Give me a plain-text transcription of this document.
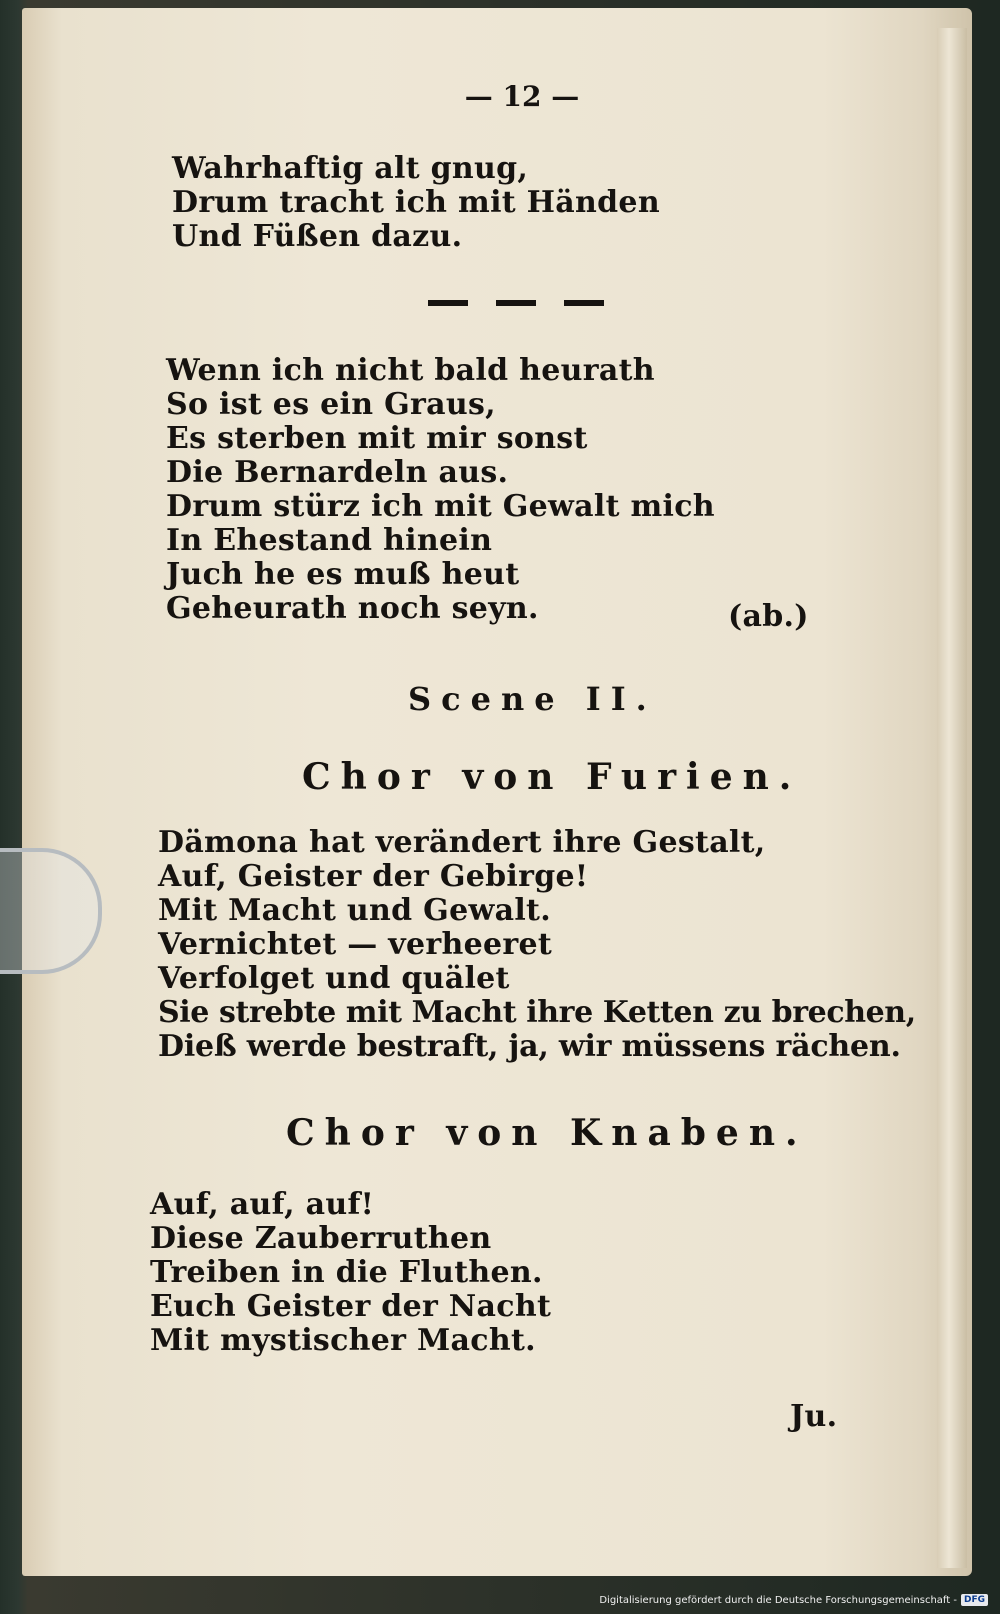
— 12 —
Wahrhaftig alt gnug,
Drum tracht ich mit Händen
Und Füßen dazu.
Wenn ich nicht bald heurath
So ist es ein Graus,
Es sterben mit mir sonst
Die Bernardeln aus.
Drum stürz ich mit Gewalt mich
In Ehestand hinein
Juch he es muß heut
Geheurath noch seyn.	(ab.)
Scene II.
Chor von Furien.
Dämona hat verändert ihre Gestalt,
Auf, Geister der Gebirge!
Mit Macht und Gewalt.
Vernichtet — verheeret
Verfolget und quälet
Sie strebte mit Macht ihre Ketten zu brechen,
Dieß werde bestraft, ja, wir müssens rächen.
Chor von Knaben.
Auf, auf, auf!
Diese Zauberruthen
Treiben in die Fluthen.
Euch Geister der Nacht
Mit mystischer Macht.
Ju.
Digitalisierung gefördert durch die Deutsche Forschungsgemeinschaft - DFG
